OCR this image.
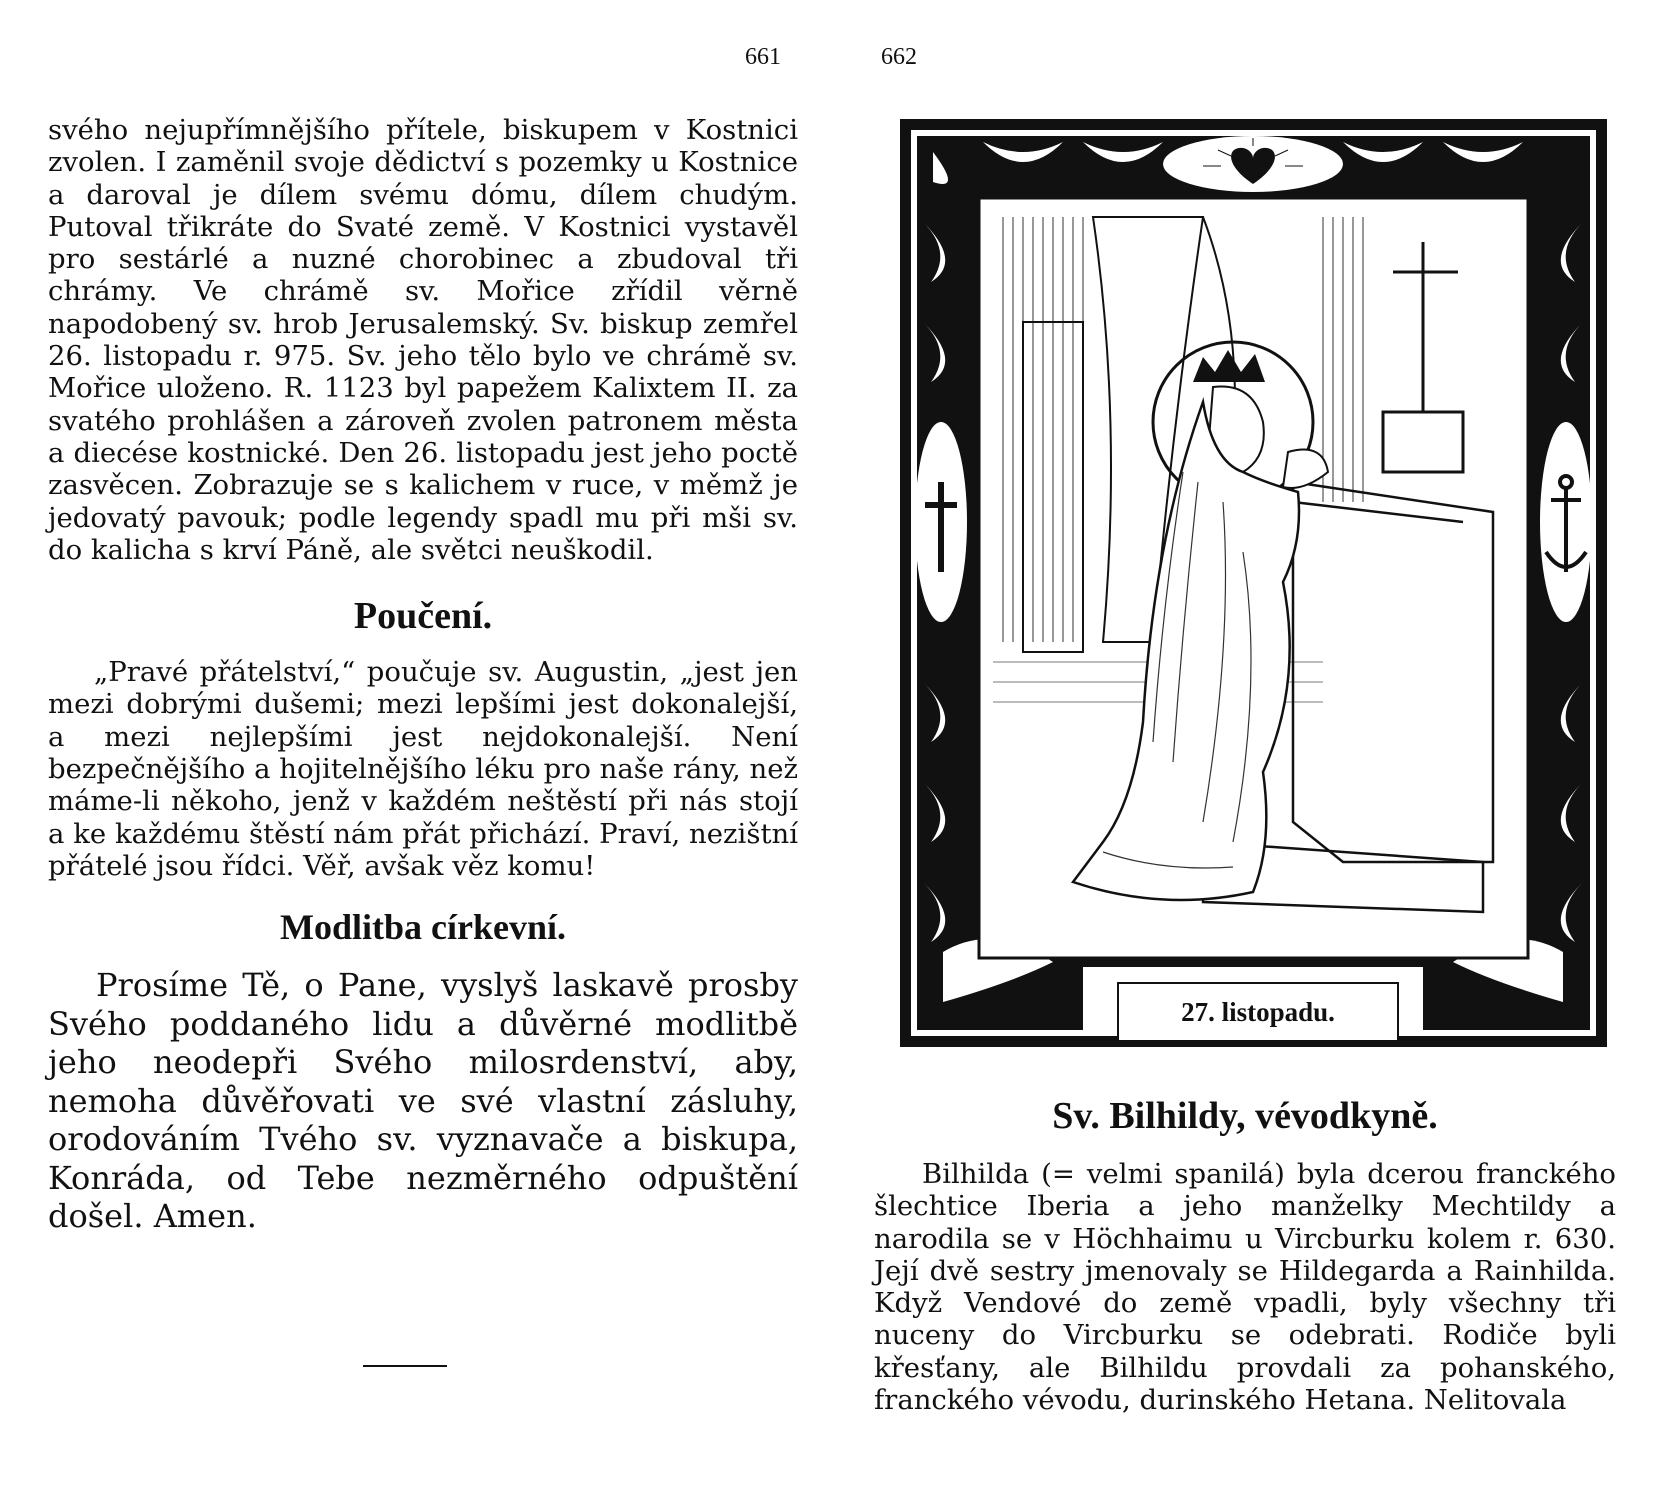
661	662

svého nejupřímnějšího přítele, biskupem v Kostnici zvolen. I zaměnil svoje dědictví s pozemky u Kostnice a daroval je dílem svému dómu, dílem chudým. Putoval třikráte do Svaté země. V Kostnici vystavěl pro sestárlé a nuzné chorobinec a zbudoval tři chrámy. Ve chrámě sv. Mořice zřídil věrně napodobený sv. hrob Jerusalemský. Sv. biskup zemřel 26. listopadu r. 975. Sv. jeho tělo bylo ve chrámě sv. Mořice uloženo. R. 1123 byl papežem Kalixtem II. za svatého prohlášen a zároveň zvolen patronem města a diecése kostnické. Den 26. listopadu jest jeho poctě zasvěcen. Zobrazuje se s kalichem v ruce, v měmž je jedovatý pavouk; podle legendy spadl mu při mši sv. do kalicha s krví Páně, ale světci neuškodil.

Poučení.

„Pravé přátelství,“ poučuje sv. Augustin, „jest jen mezi dobrými dušemi; mezi lepšími jest dokonalejší, a mezi nejlepšími jest nejdokonalejší. Není bezpečnějšího a hojitelnějšího léku pro naše rány, než máme-li někoho, jenž v každém neštěstí při nás stojí a ke každému štěstí nám přát přichází. Praví, nezištní přátelé jsou řídci. Věř, avšak věz komu!

Modlitba církevní.

Prosíme Tě, o Pane, vyslyš laskavě prosby Svého poddaného lidu a důvěrné modlitbě jeho neodepři Svého milosrdenství, aby, nemoha důvěřovati ve své vlastní zásluhy, orodováním Tvého sv. vyznavače a biskupa, Konráda, od Tebe nezměrného odpuštění došel. Amen.

27. listopadu.
Sv. Bilhildy, vévodkyně.

Bilhilda (= velmi spanilá) byla dcerou franckého šlechtice Iberia a jeho manželky Mechtildy a narodila se v Höchhaimu u Vircburku kolem r. 630. Její dvě sestry jmenovaly se Hildegarda a Rainhilda. Když Vendové do země vpadli, byly všechny tři nuceny do Vircburku se odebrati. Rodiče byli křesťany, ale Bilhildu provdali za pohanského, franckého vévodu, durinského Hetana. Nelitovala
